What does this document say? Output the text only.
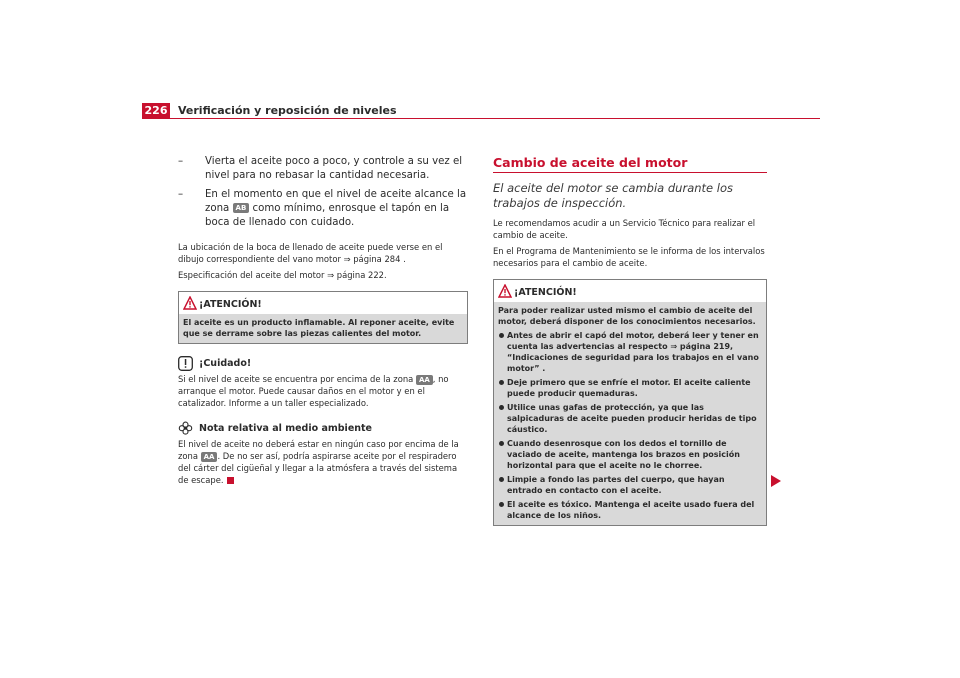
226 Verificación y reposición de niveles
– Vierta el aceite poco a poco, y controle a su vez el nivel para no rebasar la cantidad necesaria.
– En el momento en que el nivel de aceite alcance la zona AB como mínimo, enrosque el tapón en la boca de llenado con cuidado.

La ubicación de la boca de llenado de aceite puede verse en el dibujo correspondiente del vano motor ⇒ página 284 .

Especificación del aceite del motor ⇒ página 222.

¡ATENCIÓN!

El aceite es un producto inflamable. Al reponer aceite, evite que se derrame sobre las piezas calientes del motor.

¡Cuidado!

Si el nivel de aceite se encuentra por encima de la zona AA , no arranque el motor. Puede causar daños en el motor y en el catalizador. Informe a un taller especializado.

Nota relativa al medio ambiente

El nivel de aceite no deberá estar en ningún caso por encima de la zona AA . De no ser así, podría aspirarse aceite por el respiradero del cárter del cigüeñal y llegar a la atmósfera a través del sistema de escape.

Cambio de aceite del motor
El aceite del motor se cambia durante los trabajos de inspección.

Le recomendamos acudir a un Servicio Técnico para realizar el cambio de aceite.

En el Programa de Mantenimiento se le informa de los intervalos necesarios para el cambio de aceite.

¡ATENCIÓN!

Para poder realizar usted mismo el cambio de aceite del motor, deberá disponer de los conocimientos necesarios.

Antes de abrir el capó del motor, deberá leer y tener en cuenta las advertencias al respecto ⇒ página 219, “Indicaciones de seguridad para los trabajos en el vano motor” .
Deje primero que se enfríe el motor. El aceite caliente puede producir quemaduras.
Utilice unas gafas de protección, ya que las salpicaduras de aceite pueden producir heridas de tipo cáustico.
Cuando desenrosque con los dedos el tornillo de vaciado de aceite, mantenga los brazos en posición horizontal para que el aceite no le chorree.
Limpie a fondo las partes del cuerpo, que hayan entrado en contacto con el aceite.
El aceite es tóxico. Mantenga el aceite usado fuera del alcance de los niños.
